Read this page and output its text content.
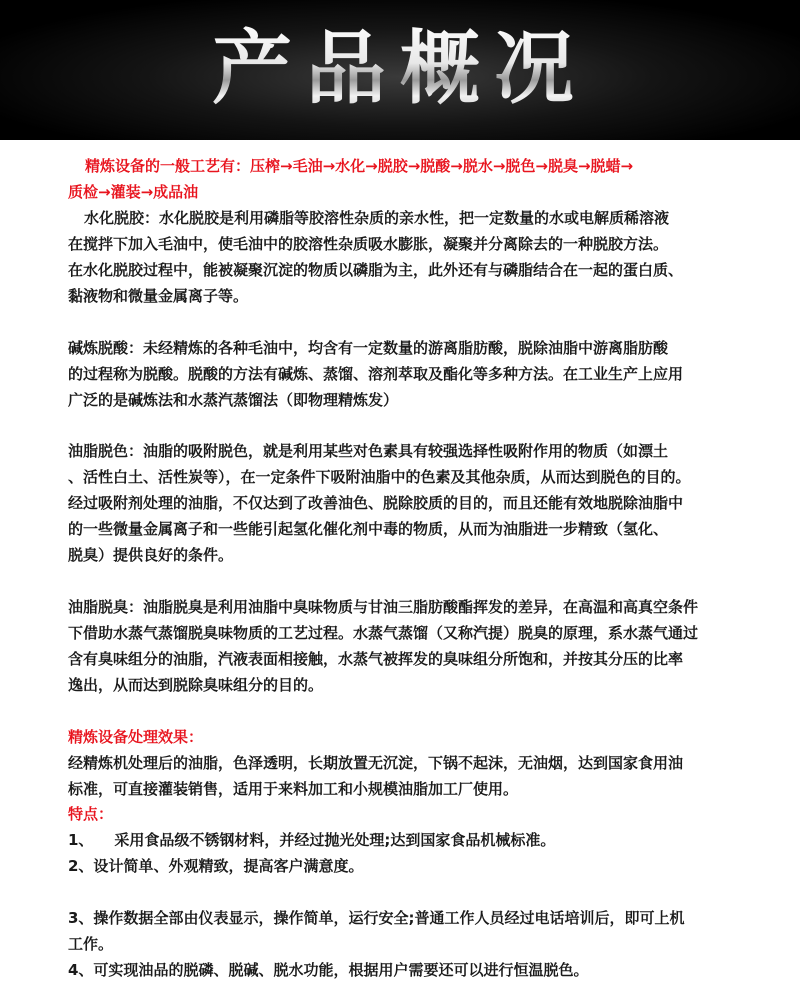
产品概况
精炼设备的一般工艺有：压榨→毛油→水化→脱胶→脱酸→脱水→脱色→脱臭→脱蜡→
质检→灌装→成品油
水化脱胶：水化脱胶是利用磷脂等胶溶性杂质的亲水性，把一定数量的水或电解质稀溶液
在搅拌下加入毛油中，使毛油中的胶溶性杂质吸水膨胀，凝聚并分离除去的一种脱胶方法。
在水化脱胶过程中，能被凝聚沉淀的物质以磷脂为主，此外还有与磷脂结合在一起的蛋白质、
黏液物和微量金属离子等。
碱炼脱酸：未经精炼的各种毛油中，均含有一定数量的游离脂肪酸，脱除油脂中游离脂肪酸
的过程称为脱酸。脱酸的方法有碱炼、蒸馏、溶剂萃取及酯化等多种方法。在工业生产上应用
广泛的是碱炼法和水蒸汽蒸馏法（即物理精炼发）
油脂脱色：油脂的吸附脱色，就是利用某些对色素具有较强选择性吸附作用的物质（如漂土
、活性白土、活性炭等），在一定条件下吸附油脂中的色素及其他杂质，从而达到脱色的目的。
经过吸附剂处理的油脂，不仅达到了改善油色、脱除胶质的目的，而且还能有效地脱除油脂中
的一些微量金属离子和一些能引起氢化催化剂中毒的物质，从而为油脂进一步精致（氢化、
脱臭）提供良好的条件。
油脂脱臭：油脂脱臭是利用油脂中臭味物质与甘油三脂肪酸酯挥发的差异，在高温和高真空条件
下借助水蒸气蒸馏脱臭味物质的工艺过程。水蒸气蒸馏（又称汽提）脱臭的原理，系水蒸气通过
含有臭味组分的油脂，汽液表面相接触，水蒸气被挥发的臭味组分所饱和，并按其分压的比率
逸出，从而达到脱除臭味组分的目的。
精炼设备处理效果：
经精炼机处理后的油脂，色泽透明，长期放置无沉淀，下锅不起沫，无油烟，达到国家食用油
标准，可直接灌装销售，适用于来料加工和小规模油脂加工厂使用。
特点：
1、    采用食品级不锈钢材料，并经过抛光处理;达到国家食品机械标准。
2、设计简单、外观精致，提高客户满意度。
3、操作数据全部由仪表显示，操作简单，运行安全;普通工作人员经过电话培训后，即可上机
工作。
4、可实现油品的脱磷、脱碱、脱水功能，根据用户需要还可以进行恒温脱色。
